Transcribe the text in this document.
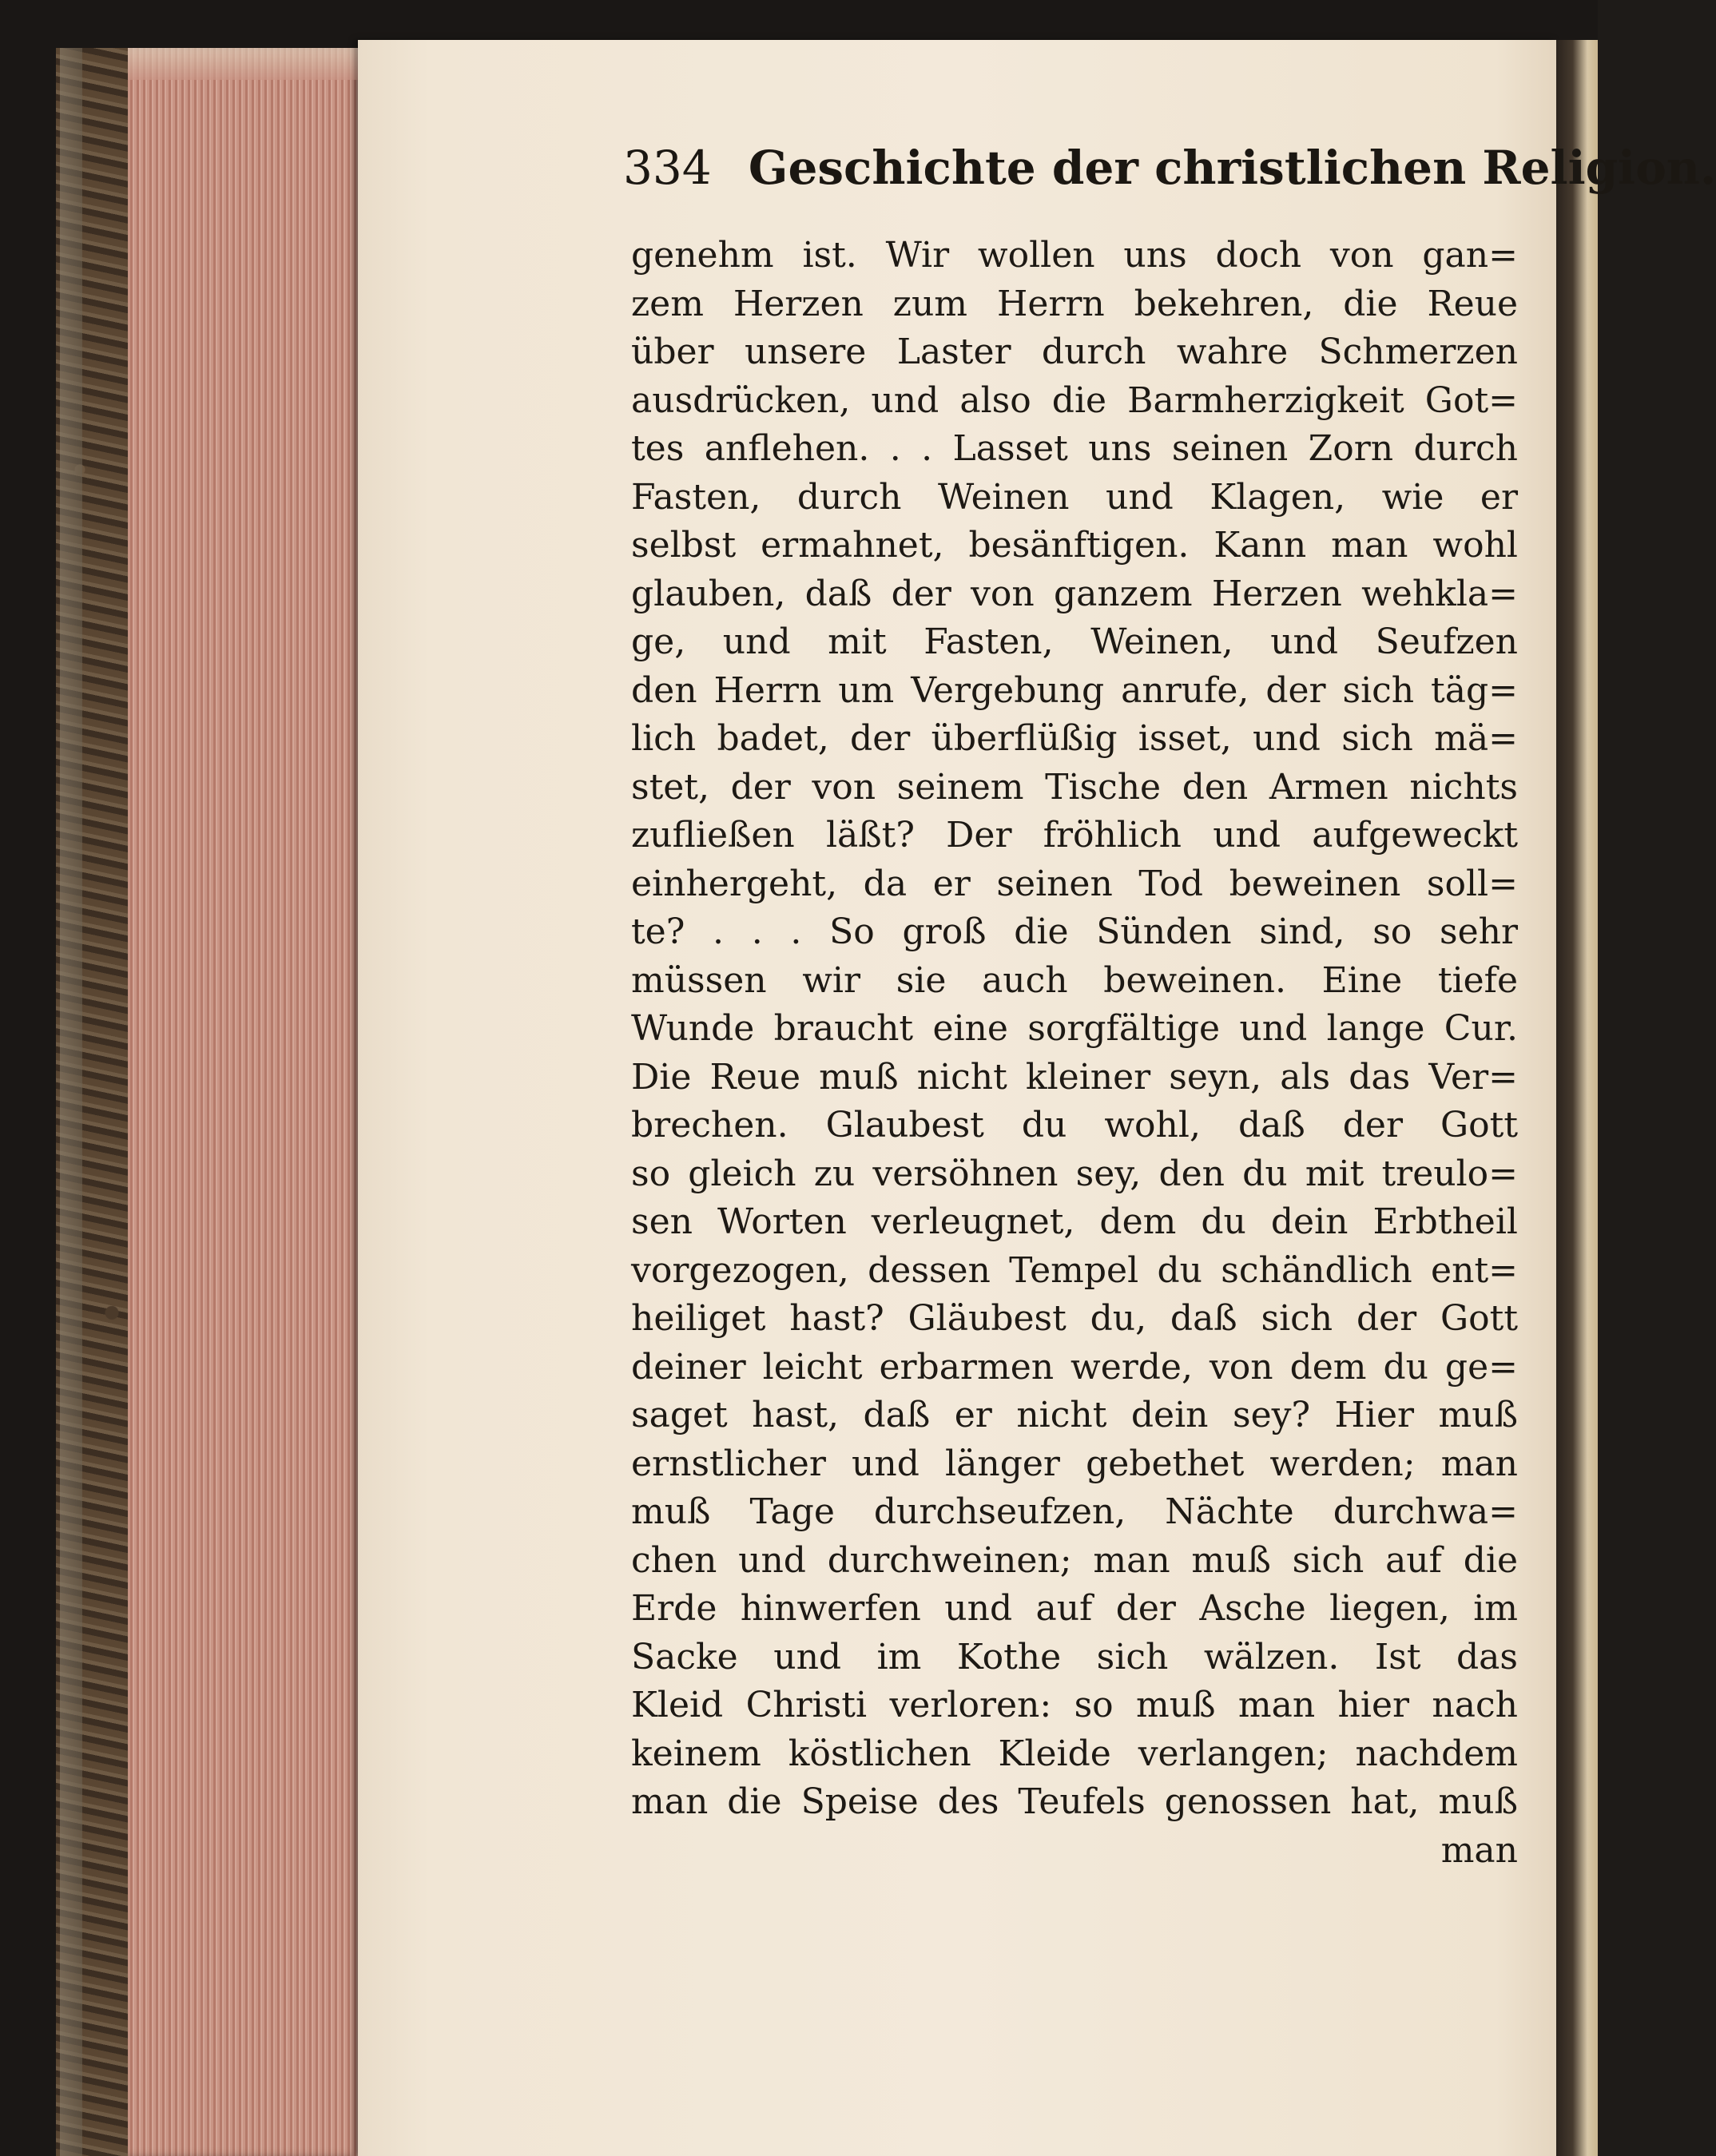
334 Geschichte der christlichen Religion.
genehm ist. Wir wollen uns doch von gan=
zem Herzen zum Herrn bekehren, die Reue
über unsere Laster durch wahre Schmerzen
ausdrücken, und also die Barmherzigkeit Got=
tes anflehen. . . Lasset uns seinen Zorn durch
Fasten, durch Weinen und Klagen, wie er
selbst ermahnet, besänftigen. Kann man wohl
glauben, daß der von ganzem Herzen wehkla=
ge, und mit Fasten, Weinen, und Seufzen
den Herrn um Vergebung anrufe, der sich täg=
lich badet, der überflüßig isset, und sich mä=
stet, der von seinem Tische den Armen nichts
zufließen läßt? Der fröhlich und aufgeweckt
einhergeht, da er seinen Tod beweinen soll=
te? . . . So groß die Sünden sind, so sehr
müssen wir sie auch beweinen. Eine tiefe
Wunde braucht eine sorgfältige und lange Cur.
Die Reue muß nicht kleiner seyn, als das Ver=
brechen. Glaubest du wohl, daß der Gott
so gleich zu versöhnen sey, den du mit treulo=
sen Worten verleugnet, dem du dein Erbtheil
vorgezogen, dessen Tempel du schändlich ent=
heiliget hast? Gläubest du, daß sich der Gott
deiner leicht erbarmen werde, von dem du ge=
saget hast, daß er nicht dein sey? Hier muß
ernstlicher und länger gebethet werden; man
muß Tage durchseufzen, Nächte durchwa=
chen und durchweinen; man muß sich auf die
Erde hinwerfen und auf der Asche liegen, im
Sacke und im Kothe sich wälzen. Ist das
Kleid Christi verloren: so muß man hier nach
keinem köstlichen Kleide verlangen; nachdem
man die Speise des Teufels genossen hat, muß
man
